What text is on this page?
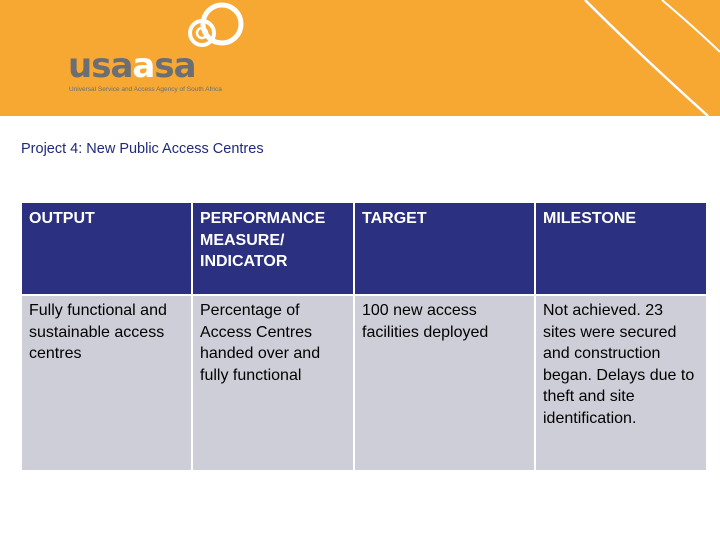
usaasa
Universal Service and Access Agency of South Africa
Project 4: New Public Access Centres
OUTPUT	PERFORMANCE MEASURE/ INDICATOR	TARGET	MILESTONE
Fully functional and sustainable access centres	Percentage of Access Centres handed over and fully functional	100 new access facilities deployed	Not achieved. 23 sites were secured and construction began. Delays due to theft and site identification.
